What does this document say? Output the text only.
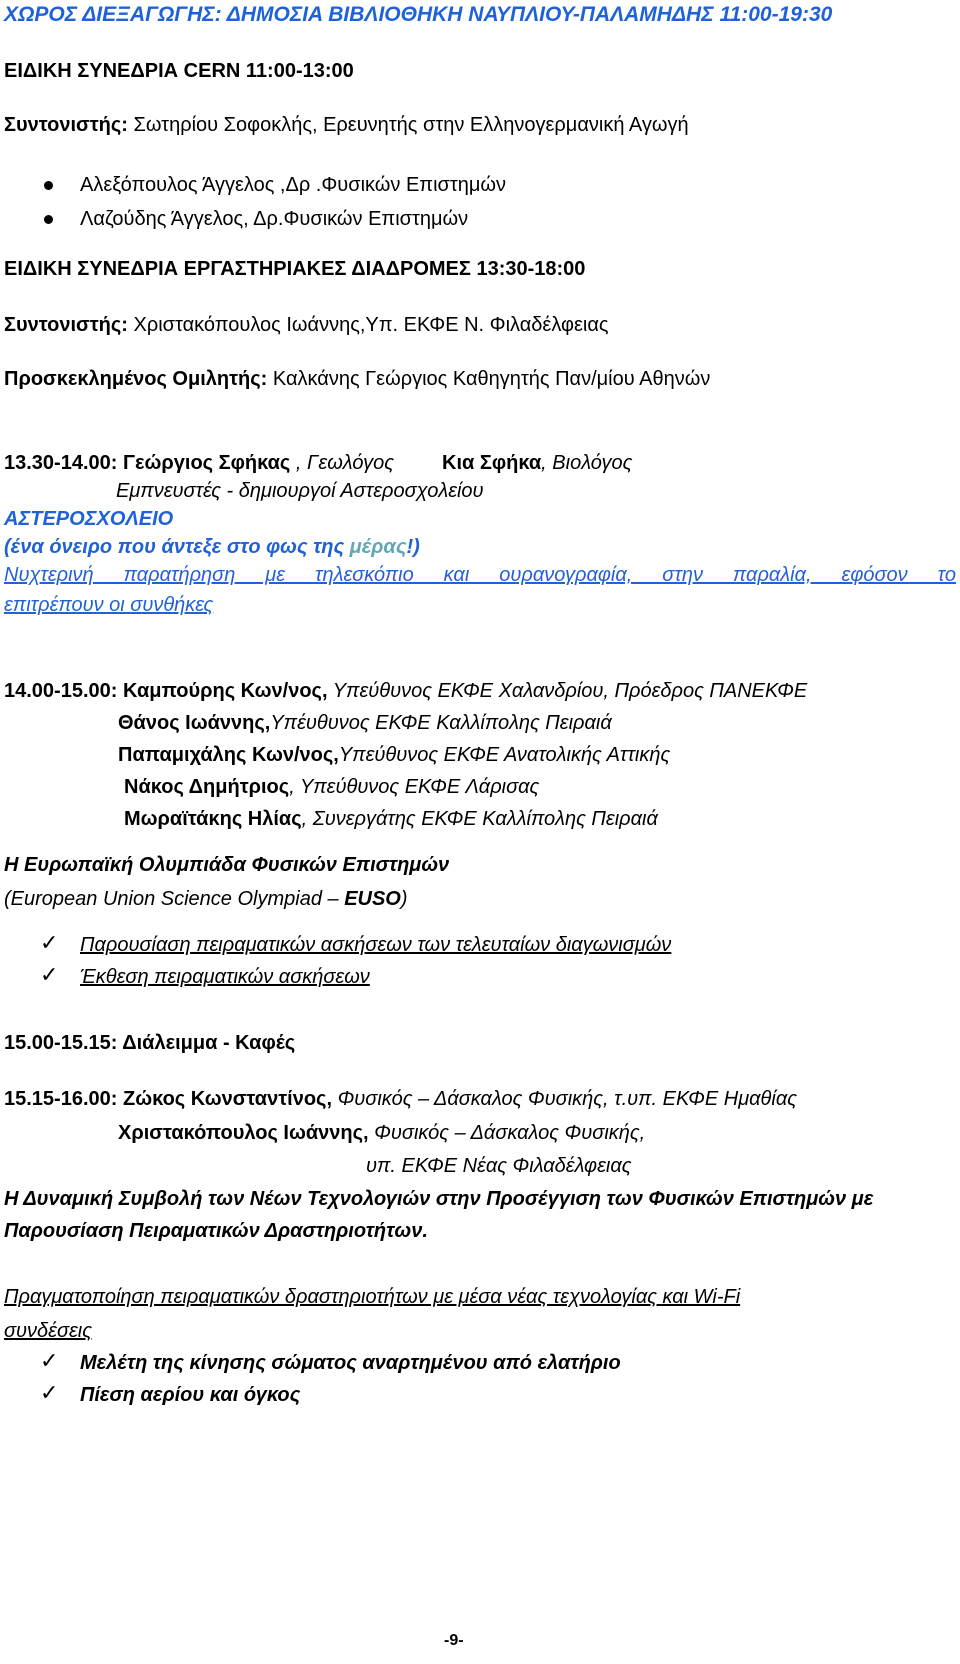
ΧΩΡΟΣ ΔΙΕΞΑΓΩΓΗΣ: ΔΗΜΟΣΙΑ ΒΙΒΛΙΟΘΗΚΗ ΝΑΥΠΛΙΟΥ-ΠΑΛΑΜΗΔΗΣ 11:00-19:30
ΕΙΔΙΚΗ ΣΥΝΕΔΡΙΑ CERN 11:00-13:00
Συντονιστής: Σωτηρίου Σοφοκλής, Ερευνητής στην Ελληνογερμανική Αγωγή
Αλεξόπουλος Άγγελος ,Δρ .Φυσικών Επιστημών
Λαζούδης Άγγελος, Δρ.Φυσικών Επιστημών
ΕΙΔΙΚΗ ΣΥΝΕΔΡΙΑ ΕΡΓΑΣΤΗΡΙΑΚΕΣ ΔΙΑΔΡΟΜΕΣ 13:30-18:00
Συντονιστής: Χριστακόπουλος Ιωάννης,Υπ. ΕΚΦΕ Ν. Φιλαδέλφειας
Προσκεκλημένος Ομιλητής: Καλκάνης Γεώργιος Καθηγητής Παν/μίου Αθηνών
13.30-14.00: Γεώργιος Σφήκας , Γεωλόγος Κια Σφήκα, Βιολόγος
Εμπνευστές - δημιουργοί Αστεροσχολείου
ΑΣΤΕΡΟΣΧΟΛΕΙΟ
(ένα όνειρο που άντεξε στο φως της μέρας!)
Νυχτερινή παρατήρηση με τηλεσκόπιο και ουρανογραφία, στην παραλία, εφόσον το
επιτρέπουν οι συνθήκες
14.00-15.00: Καμπούρης Κων/νος, Υπεύθυνος ΕΚΦΕ Χαλανδρίου, Πρόεδρος ΠΑΝΕΚΦΕ
Θάνος Ιωάννης,Υπέυθυνος ΕΚΦΕ Καλλίπολης Πειραιά
Παπαμιχάλης Κων/νος,Υπεύθυνος ΕΚΦΕ Ανατολικής Αττικής
Νάκος Δημήτριος, Υπεύθυνος ΕΚΦΕ Λάρισας
Μωραϊτάκης Ηλίας, Συνεργάτης ΕΚΦΕ Καλλίπολης Πειραιά
Η Ευρωπαϊκή Ολυμπιάδα Φυσικών Επιστημών
(European Union Science Olympiad – EUSO)
✓ Παρουσίαση πειραματικών ασκήσεων των τελευταίων διαγωνισμών
✓ Έκθεση πειραματικών ασκήσεων
15.00-15.15: Διάλειμμα - Καφές
15.15-16.00: Ζώκος Κωνσταντίνος, Φυσικός – Δάσκαλος Φυσικής, τ.υπ. ΕΚΦΕ Ημαθίας
Χριστακόπουλος Ιωάννης, Φυσικός – Δάσκαλος Φυσικής,
υπ. ΕΚΦΕ Νέας Φιλαδέλφειας
Η Δυναμική Συμβολή των Νέων Τεχνολογιών στην Προσέγγιση των Φυσικών Επιστημών με
Παρουσίαση Πειραματικών Δραστηριοτήτων.
Πραγματοποίηση πειραματικών δραστηριοτήτων με μέσα νέας τεχνολογίας και Wi-Fi
συνδέσεις
✓ Μελέτη της κίνησης σώματος αναρτημένου από ελατήριο
✓ Πίεση αερίου και όγκος
-9-
